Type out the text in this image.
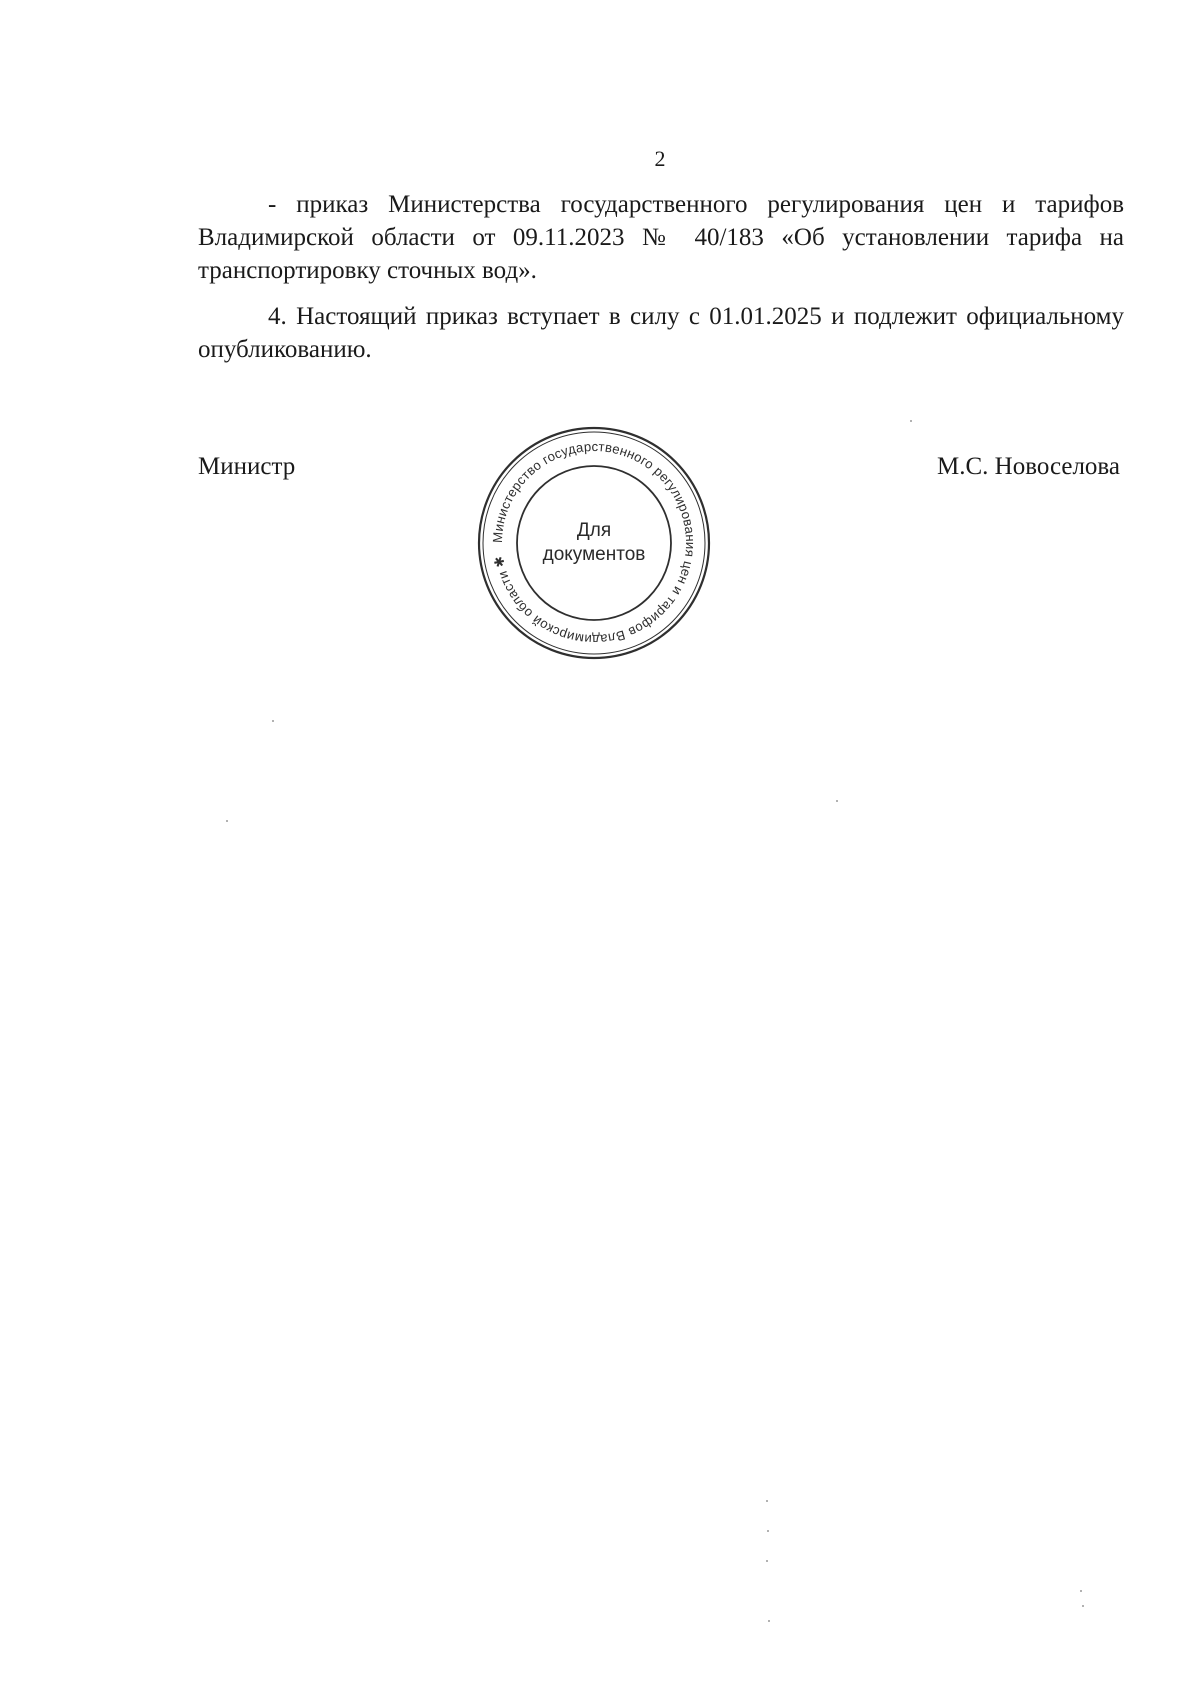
2

- приказ Министерства государственного регулирования цен и тарифов Владимирской области от 09.11.2023 № 40/183 «Об установлении тарифа на транспортировку сточных вод».

4. Настоящий приказ вступает в силу с 01.01.2025 и подлежит официальному опубликованию.

Министр	М.С. Новоселова
Министерство государственного регулирования цен и тарифов Владимирской области ✱
Для
документов
